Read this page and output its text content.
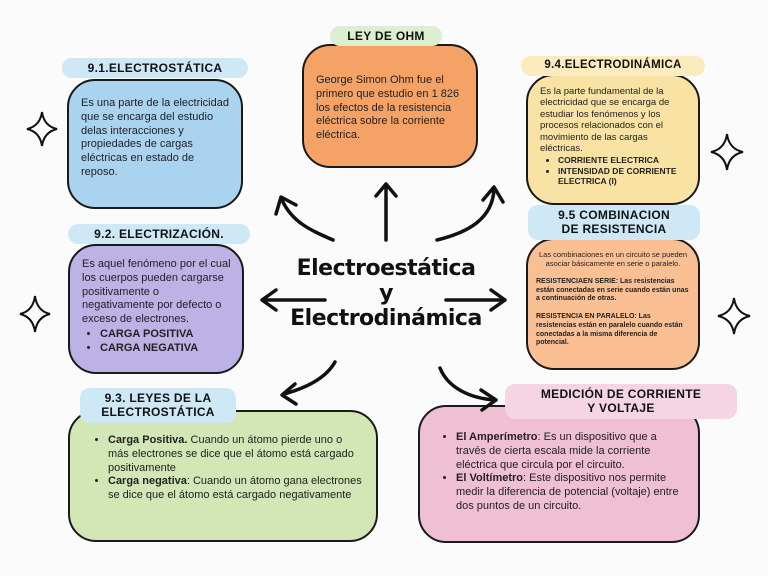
LEY DE OHM

George Simon Ohm fue el primero que estudio en 1 826 los efectos de la resistencia eléctrica sobre la corriente eléctrica.

9.1.ELECTROSTÁTICA

Es una parte de la electricidad que se encarga del estudio delas interacciones y propiedades de cargas eléctricas en estado de reposo.

9.4.ELECTRODINÁMICA

Es la parte fundamental de la electricidad que se encarga de estudiar los fenómenos y los procesos relacionados con el movimiento de las cargas eléctricas.

• CORRIENTE ELECTRICA
• INTENSIDAD DE CORRIENTE ELECTRICA (I)
9.2. ELECTRIZACIÓN.

Es aquel fenómeno por el cual los cuerpos pueden cargarse positivamente o negativamente por defecto o exceso de electrones.

• CARGA POSITIVA
• CARGA NEGATIVA
9.5 COMBINACION
DE RESISTENCIA

Las combinaciones en un circuito se pueden asociar básicamente en serie o paralelo.

RESISTENCIAEN SERIE: Las resistencias están conectadas en serie cuando están unas a continuación de otras.

RESISTENCIA EN PARALELO: Las resistencias están en paralelo cuando están conectadas a la misma diferencia de potencial.

9.3. LEYES DE LA
ELECTROSTÁTICA
• Carga Positiva. Cuando un átomo pierde uno o más electrones se dice que el átomo está cargado positivamente
• Carga negativa: Cuando un átomo gana electrones se dice que el átomo está cargado negativamente
MEDICIÓN DE CORRIENTE
Y VOLTAJE
• El Amperímetro: Es un dispositivo que a través de cierta escala mide la corriente eléctrica que circula por el circuito.
• El Voltímetro: Este dispositivo nos permite medir la diferencia de potencial (voltaje) entre dos puntos de un circuito.
Electroestática
y
Electrodinámica
